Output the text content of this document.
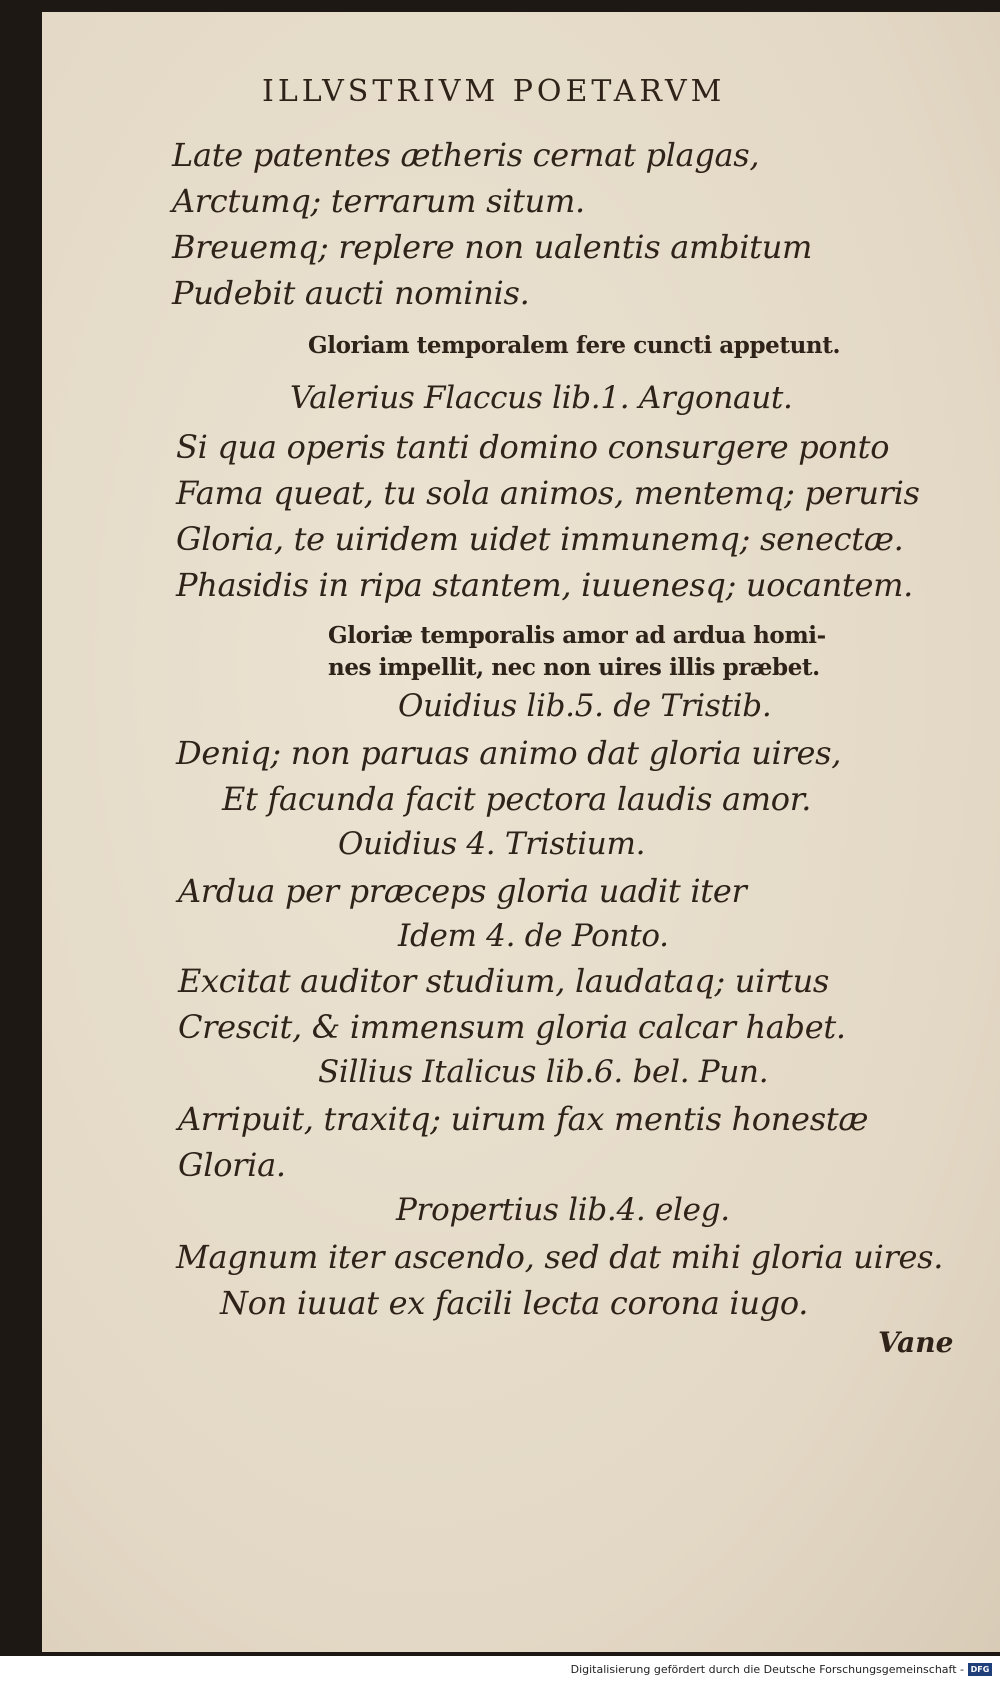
ILLVSTRIVM POETARVM
Late patentes ætheris cernat plagas,
Arctumq; terrarum situm.
Breuemq; replere non ualentis ambitum
Pudebit aucti nominis.
Gloriam temporalem fere cuncti appetunt.
Valerius Flaccus lib.1. Argonaut.
Si qua operis tanti domino consurgere ponto
Fama queat, tu sola animos, mentemq; peruris
Gloria, te uiridem uidet immunemq; senectæ.
Phasidis in ripa stantem, iuuenesq; uocantem.
Gloriæ temporalis amor ad ardua homi-
nes impellit, nec non uires illis præbet.
Ouidius lib.5. de Tristib.
Deniq; non paruas animo dat gloria uires,
Et facunda facit pectora laudis amor.
Ouidius 4. Tristium.
Ardua per præceps gloria uadit iter
Idem 4. de Ponto.
Excitat auditor studium, laudataq; uirtus
Crescit, & immensum gloria calcar habet.
Sillius Italicus lib.6. bel. Pun.
Arripuit, traxitq; uirum fax mentis honestæ
Gloria.
Propertius lib.4. eleg.
Magnum iter ascendo, sed dat mihi gloria uires.
Non iuuat ex facili lecta corona iugo.
Vane
Digitalisierung gefördert durch die Deutsche Forschungsgemeinschaft - DFG
